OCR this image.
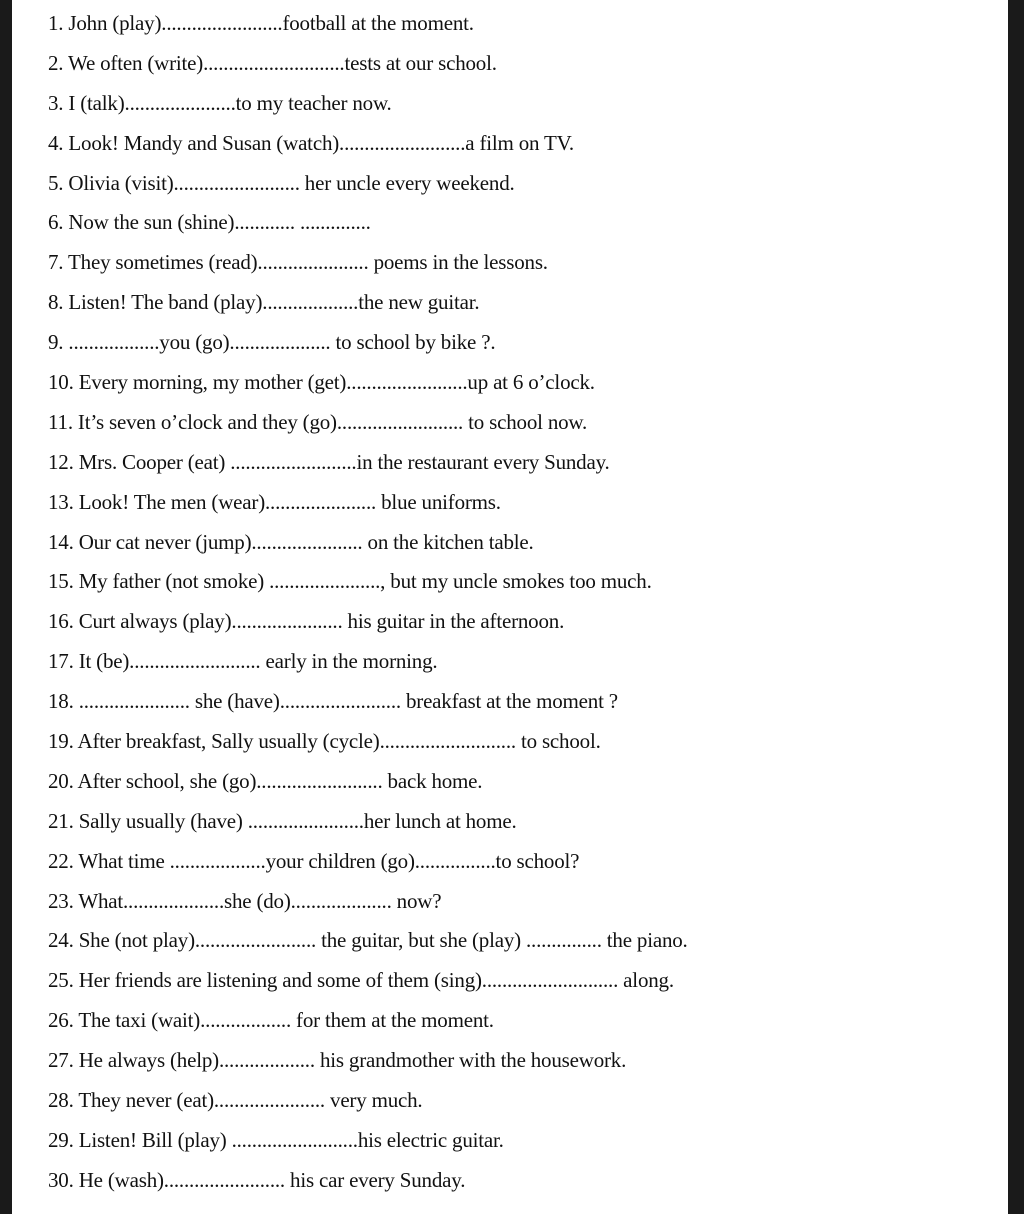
1. John (play)........................football at the moment.
2. We often (write)............................tests at our school.
3. I (talk)......................to my teacher now.
4. Look! Mandy and Susan (watch).........................a film on TV.
5. Olivia (visit)......................... her uncle every weekend.
6. Now the sun (shine)............ ..............
7. They sometimes (read)...................... poems in the lessons.
8. Listen! The band (play)...................the new guitar.
9. ..................you (go).................... to school by bike ?.
10. Every morning, my mother (get)........................up at 6 o’clock.
11. It’s seven o’clock and they (go)......................... to school now.
12. Mrs. Cooper (eat) .........................in the restaurant every Sunday.
13. Look! The men (wear)...................... blue uniforms.
14. Our cat never (jump)...................... on the kitchen table.
15. My father (not smoke) ......................, but my uncle smokes too much.
16. Curt always (play)...................... his guitar in the afternoon.
17. It (be).......................... early in the morning.
18. ...................... she (have)........................ breakfast at the moment ?
19. After breakfast, Sally usually (cycle)........................... to school.
20. After school, she (go)......................... back home.
21. Sally usually (have) .......................her lunch at home.
22. What time ...................your children (go)................to school?
23. What....................she (do).................... now?
24. She (not play)........................ the guitar, but she (play) ............... the piano.
25. Her friends are listening and some of them (sing)........................... along.
26. The taxi (wait).................. for them at the moment.
27. He always (help)................... his grandmother with the housework.
28. They never (eat)...................... very much.
29. Listen! Bill (play) .........................his electric guitar.
30. He (wash)........................ his car every Sunday.
